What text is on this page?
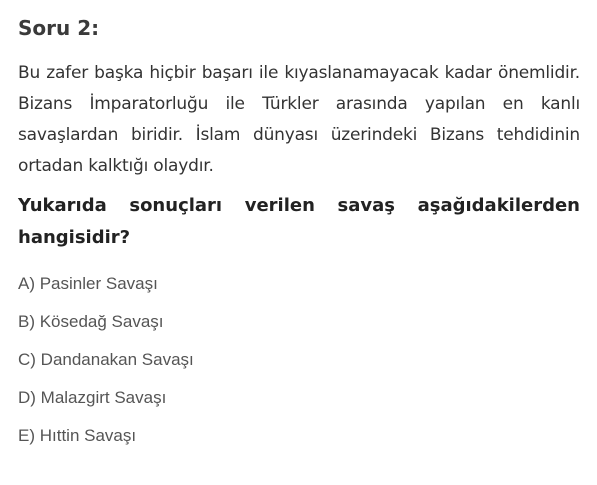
Soru 2:

Bu zafer başka hiçbir başarı ile kıyaslanamayacak kadar önemlidir. Bizans İmparatorluğu ile Türkler arasında yapılan en kanlı savaşlardan biridir. İslam dünyası üzerindeki Bizans tehdidinin ortadan kalktığı olaydır.

Yukarıda sonuçları verilen savaş aşağıdakilerden hangisidir?

A) Pasinler Savaşı
B) Kösedağ Savaşı
C) Dandanakan Savaşı
D) Malazgirt Savaşı
E) Hıttin Savaşı
